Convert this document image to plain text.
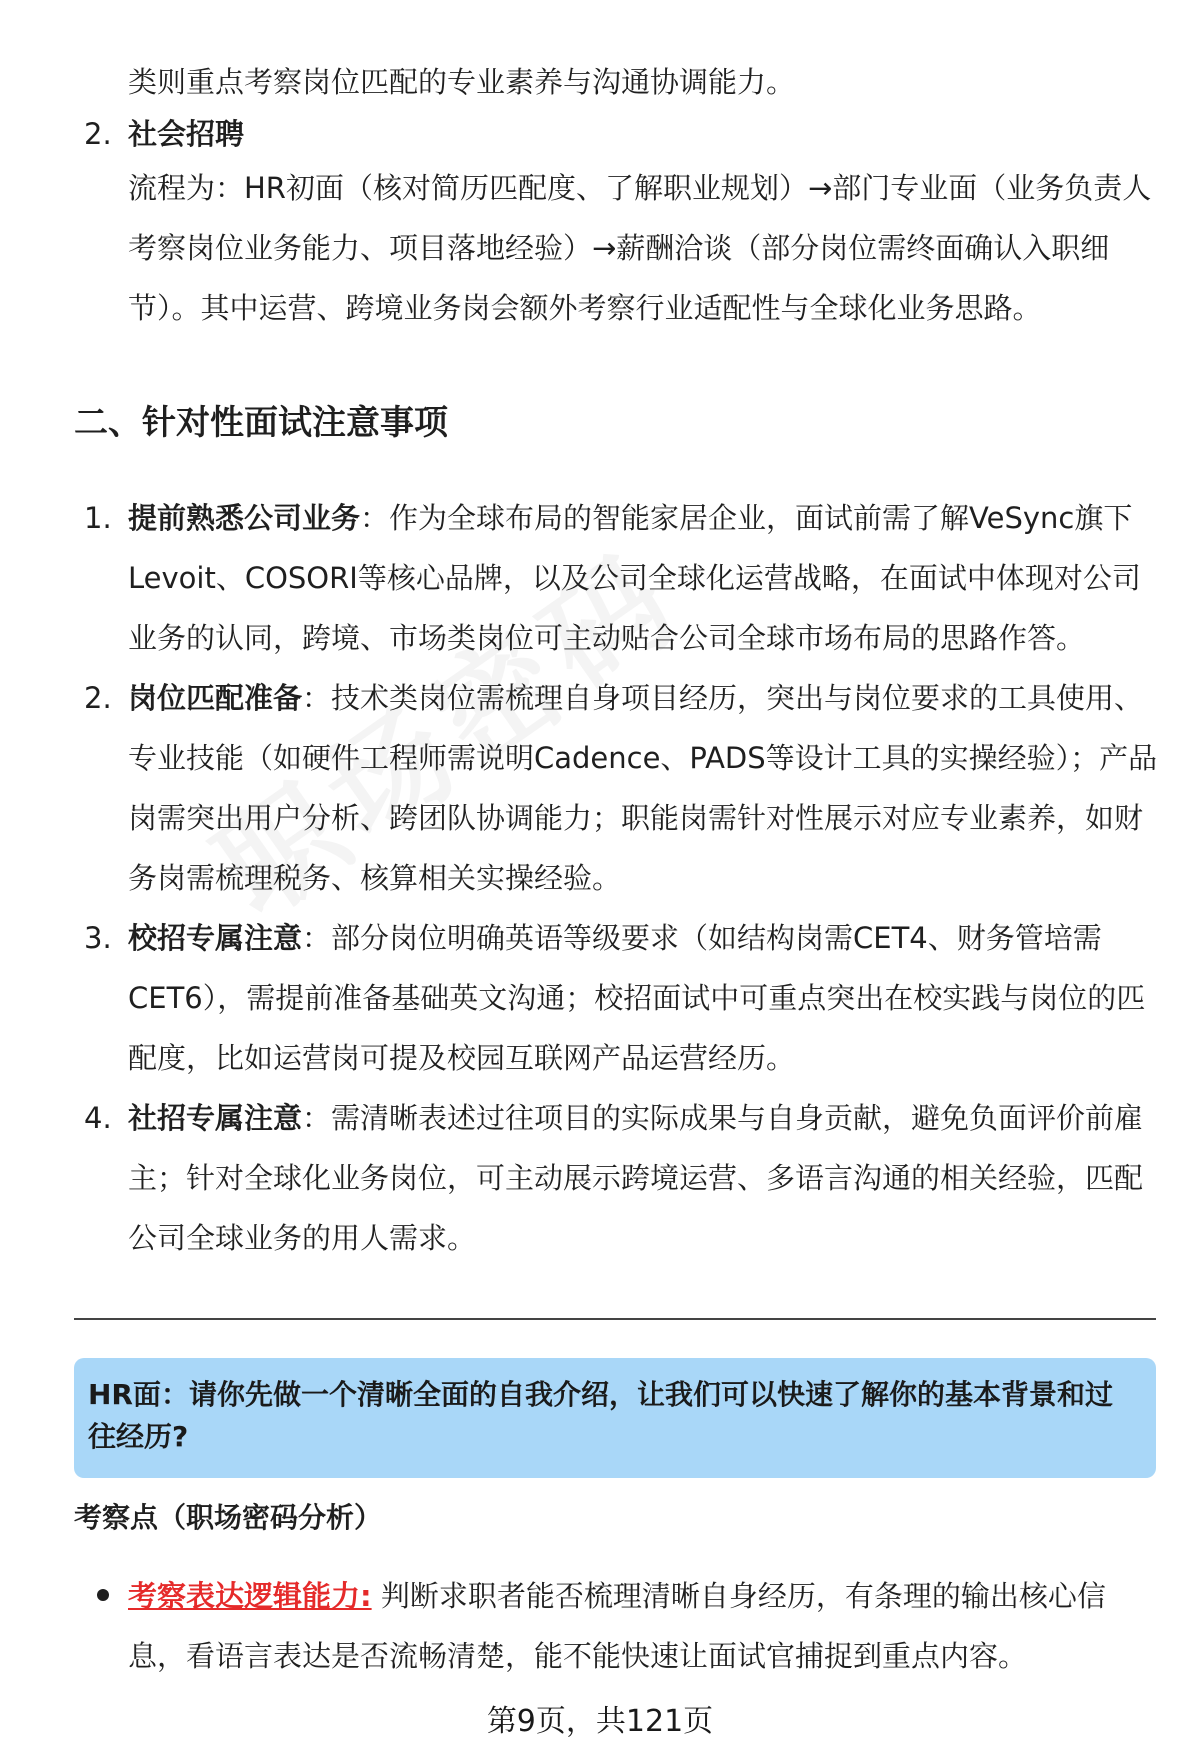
类则重点考察岗位匹配的专业素养与沟通协调能力。
2. 社会招聘
流程为：HR初面（核对简历匹配度、了解职业规划）→部门专业面（业务负责人考察岗位业务能力、项目落地经验）→薪酬洽谈（部分岗位需终面确认入职细节）。其中运营、跨境业务岗会额外考察行业适配性与全球化业务思路。
二、针对性面试注意事项
1. 提前熟悉公司业务：作为全球布局的智能家居企业，面试前需了解VeSync旗下Levoit、COSORI等核心品牌，以及公司全球化运营战略，在面试中体现对公司业务的认同，跨境、市场类岗位可主动贴合公司全球市场布局的思路作答。
2. 岗位匹配准备：技术类岗位需梳理自身项目经历，突出与岗位要求的工具使用、专业技能（如硬件工程师需说明Cadence、PADS等设计工具的实操经验）；产品岗需突出用户分析、跨团队协调能力；职能岗需针对性展示对应专业素养，如财务岗需梳理税务、核算相关实操经验。
3. 校招专属注意：部分岗位明确英语等级要求（如结构岗需CET4、财务管培需CET6），需提前准备基础英文沟通；校招面试中可重点突出在校实践与岗位的匹配度，比如运营岗可提及校园互联网产品运营经历。
4. 社招专属注意：需清晰表述过往项目的实际成果与自身贡献，避免负面评价前雇主；针对全球化业务岗位，可主动展示跨境运营、多语言沟通的相关经验，匹配公司全球业务的用人需求。
HR面：请你先做一个清晰全面的自我介绍，让我们可以快速了解你的基本背景和过往经历?
考察点（职场密码分析）
考察表达逻辑能力: 判断求职者能否梳理清晰自身经历，有条理的输出核心信息，看语言表达是否流畅清楚，能不能快速让面试官捕捉到重点内容。
第9页，共121页
